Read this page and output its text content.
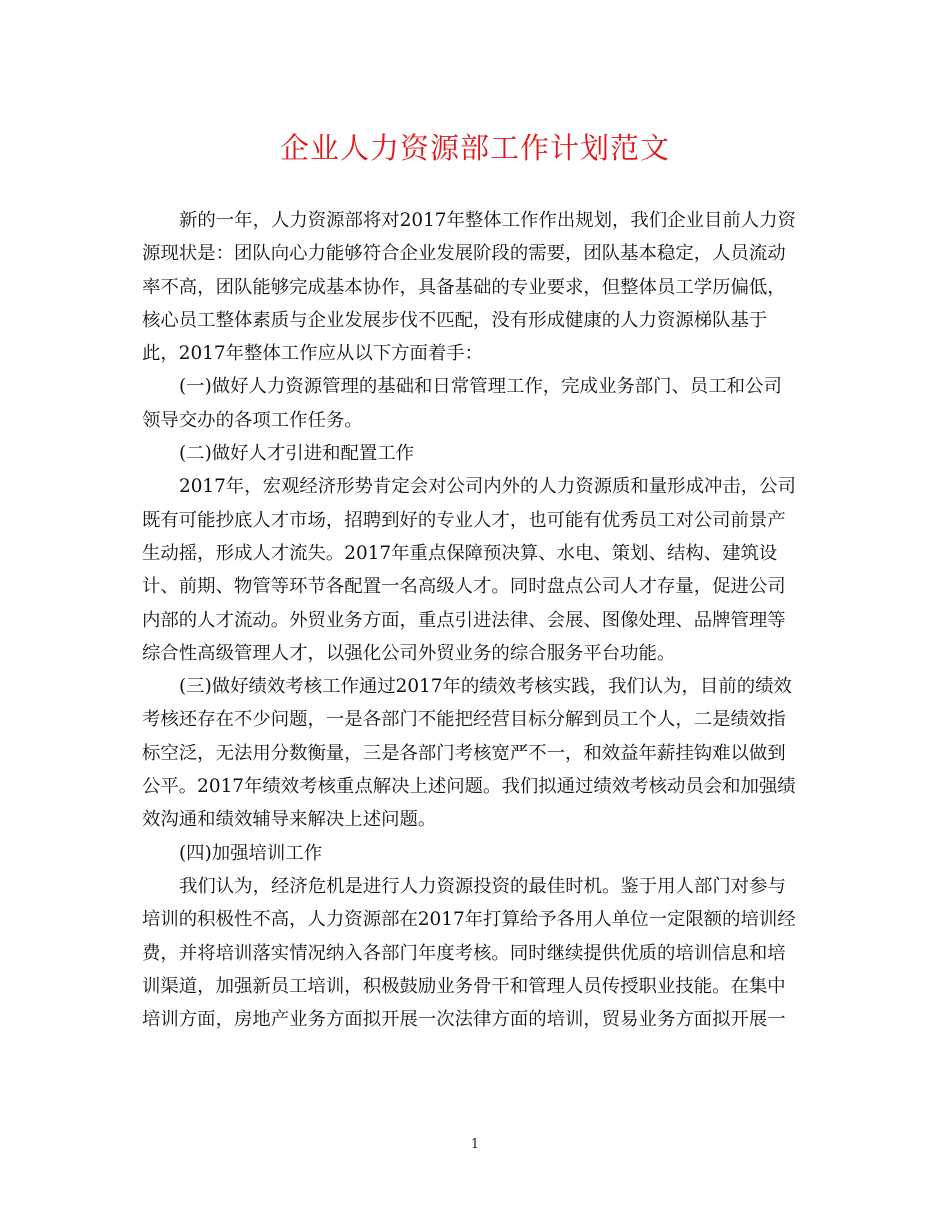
企业人力资源部工作计划范文
新的一年，人力资源部将对2017年整体工作作出规划，我们企业目前人力资
源现状是：团队向心力能够符合企业发展阶段的需要，团队基本稳定，人员流动
率不高，团队能够完成基本协作，具备基础的专业要求，但整体员工学历偏低，
核心员工整体素质与企业发展步伐不匹配，没有形成健康的人力资源梯队基于
此，2017年整体工作应从以下方面着手：
(一)做好人力资源管理的基础和日常管理工作，完成业务部门、员工和公司
领导交办的各项工作任务。
(二)做好人才引进和配置工作
2017年，宏观经济形势肯定会对公司内外的人力资源质和量形成冲击，公司
既有可能抄底人才市场，招聘到好的专业人才，也可能有优秀员工对公司前景产
生动摇，形成人才流失。2017年重点保障预决算、水电、策划、结构、建筑设
计、前期、物管等环节各配置一名高级人才。同时盘点公司人才存量，促进公司
内部的人才流动。外贸业务方面，重点引进法律、会展、图像处理、品牌管理等
综合性高级管理人才，以强化公司外贸业务的综合服务平台功能。
(三)做好绩效考核工作通过2017年的绩效考核实践，我们认为，目前的绩效
考核还存在不少问题，一是各部门不能把经营目标分解到员工个人，二是绩效指
标空泛，无法用分数衡量，三是各部门考核宽严不一，和效益年薪挂钩难以做到
公平。2017年绩效考核重点解决上述问题。我们拟通过绩效考核动员会和加强绩
效沟通和绩效辅导来解决上述问题。
(四)加强培训工作
我们认为，经济危机是进行人力资源投资的最佳时机。鉴于用人部门对参与
培训的积极性不高，人力资源部在2017年打算给予各用人单位一定限额的培训经
费，并将培训落实情况纳入各部门年度考核。同时继续提供优质的培训信息和培
训渠道，加强新员工培训，积极鼓励业务骨干和管理人员传授职业技能。在集中
培训方面，房地产业务方面拟开展一次法律方面的培训，贸易业务方面拟开展一
1
